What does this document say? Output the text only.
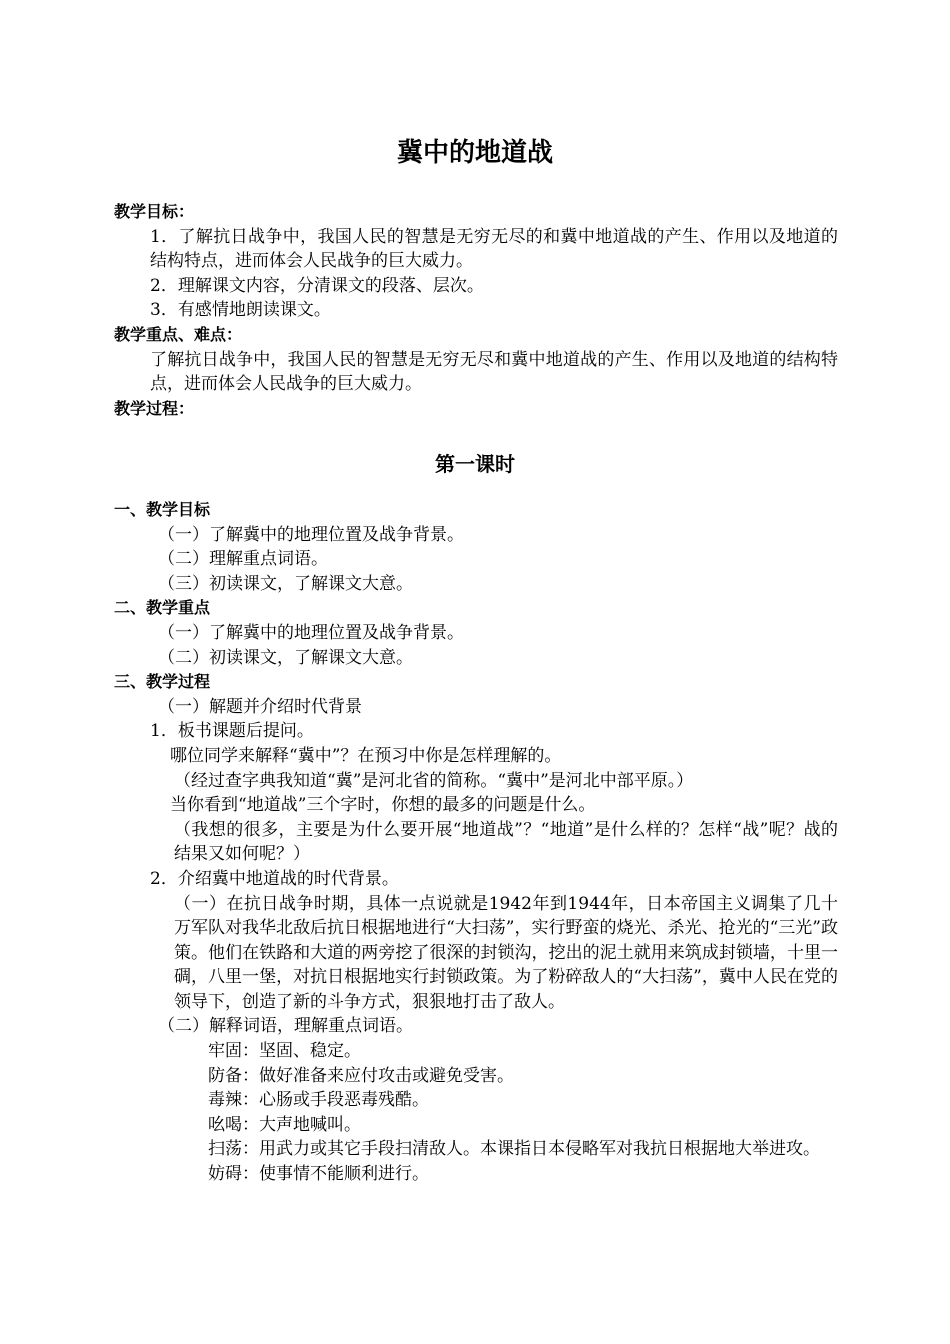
冀中的地道战
教学目标：
1．了解抗日战争中，我国人民的智慧是无穷无尽的和冀中地道战的产生、作用以及地道的结构特点，进而体会人民战争的巨大威力。
2．理解课文内容，分清课文的段落、层次。
3．有感情地朗读课文。
教学重点、难点：
了解抗日战争中，我国人民的智慧是无穷无尽和冀中地道战的产生、作用以及地道的结构特点，进而体会人民战争的巨大威力。
教学过程：
第一课时
一、教学目标
（一）了解冀中的地理位置及战争背景。
（二）理解重点词语。
（三）初读课文，了解课文大意。
二、教学重点
（一）了解冀中的地理位置及战争背景。
（二）初读课文，了解课文大意。
三、教学过程
（一）解题并介绍时代背景
1．板书课题后提问。
哪位同学来解释“冀中”？在预习中你是怎样理解的。
（经过查字典我知道“冀”是河北省的简称。“冀中”是河北中部平原。）
当你看到“地道战”三个字时，你想的最多的问题是什么。
（我想的很多，主要是为什么要开展“地道战”？“地道”是什么样的？怎样“战”呢？战的结果又如何呢？）
2．介绍冀中地道战的时代背景。
（一）在抗日战争时期，具体一点说就是1942年到1944年，日本帝国主义调集了几十万军队对我华北敌后抗日根据地进行“大扫荡”，实行野蛮的烧光、杀光、抢光的“三光”政策。他们在铁路和大道的两旁挖了很深的封锁沟，挖出的泥土就用来筑成封锁墙，十里一碉，八里一堡，对抗日根据地实行封锁政策。为了粉碎敌人的“大扫荡”，冀中人民在党的领导下，创造了新的斗争方式，狠狠地打击了敌人。
（二）解释词语，理解重点词语。
牢固：坚固、稳定。
防备：做好准备来应付攻击或避免受害。
毒辣：心肠或手段恶毒残酷。
吆喝：大声地喊叫。
扫荡：用武力或其它手段扫清敌人。本课指日本侵略军对我抗日根据地大举进攻。
妨碍：使事情不能顺利进行。
